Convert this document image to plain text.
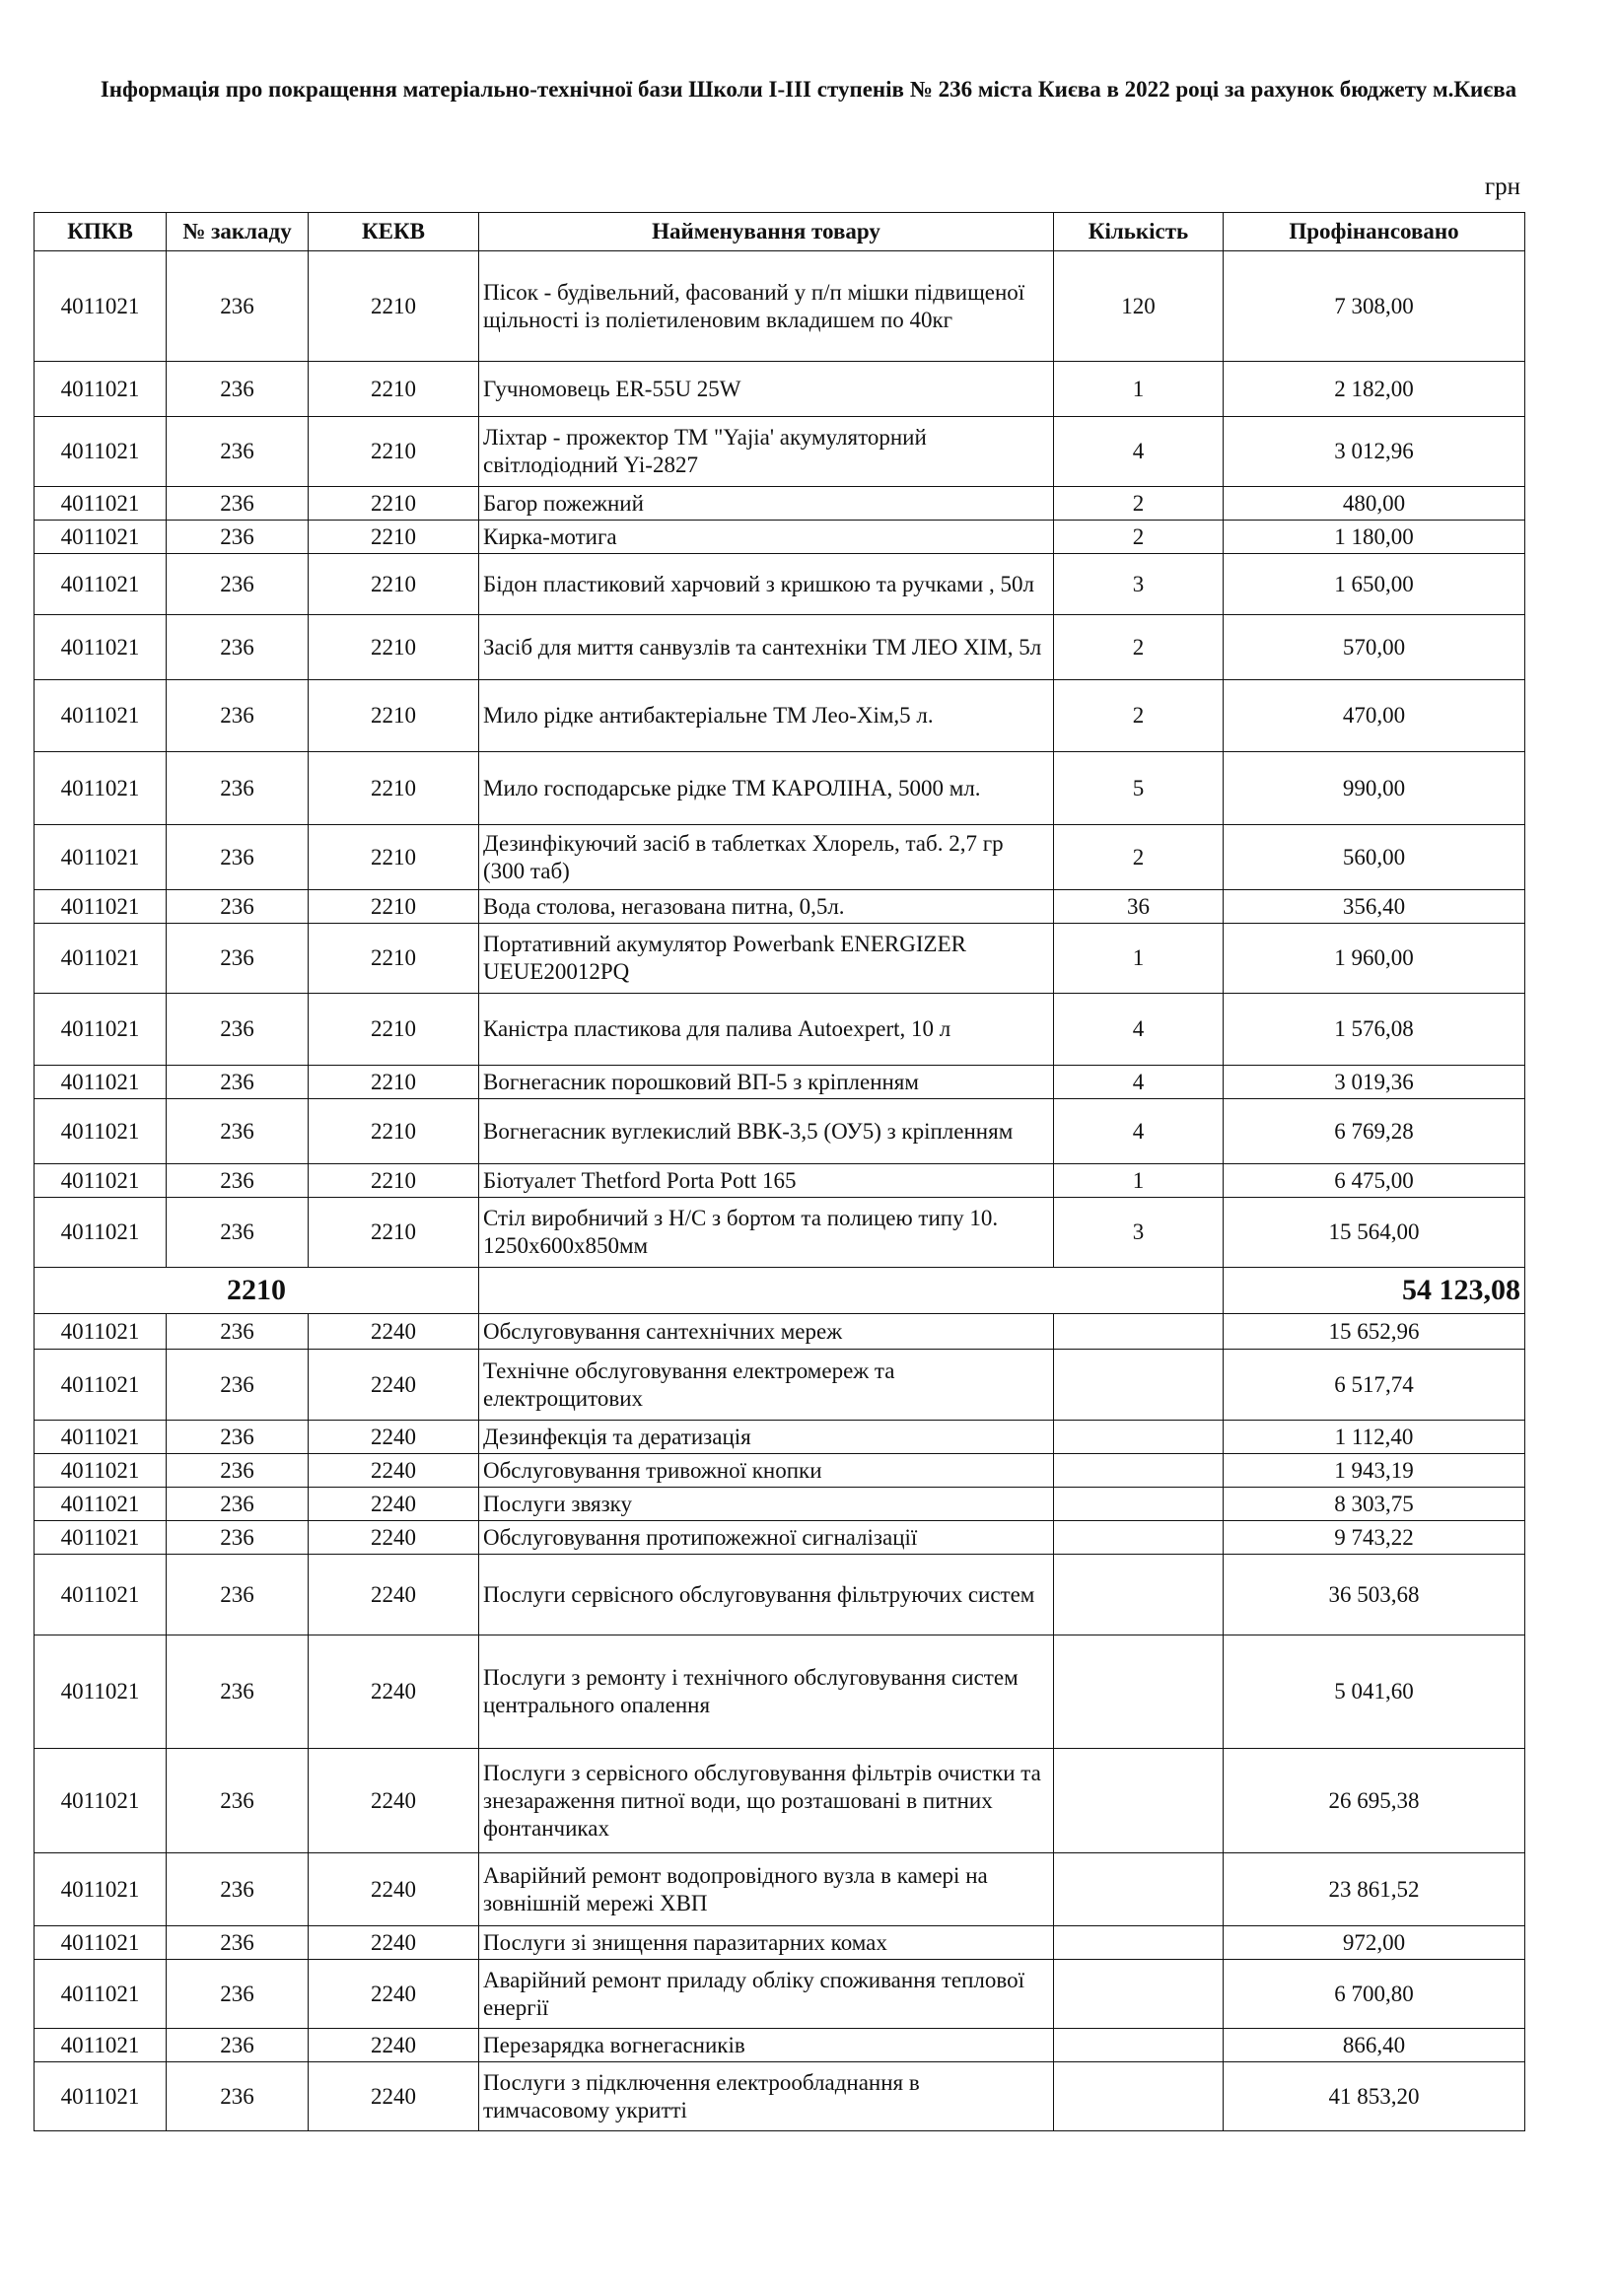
Інформація про покращення матеріально-технічної бази Школи І-ІІІ ступенів № 236 міста Києва в 2022 році за рахунок бюджету м.Києва
грн
КПКВ	№ закладу	КЕКВ	Найменування товару	Кількість	Профінансовано
4011021	236	2210	Пісок - будівельний, фасований у п/п мішки підвищеної щільності із поліетиленовим вкладишем по 40кг	120	7 308,00
4011021	236	2210	Гучномовець ER-55U 25W	1	2 182,00
4011021	236	2210	Ліхтар - прожектор ТМ "Yajia' акумуляторний світлодіодний Yi-2827	4	3 012,96
4011021	236	2210	Багор пожежний	2	480,00
4011021	236	2210	Кирка-мотига	2	1 180,00
4011021	236	2210	Бідон пластиковий харчовий з кришкою та ручками , 50л	3	1 650,00
4011021	236	2210	Засіб для миття санвузлів та сантехніки ТМ ЛЕО ХІМ, 5л	2	570,00
4011021	236	2210	Мило рідке антибактеріальне ТМ Лео-Хім,5 л.	2	470,00
4011021	236	2210	Мило господарське рідке ТМ КАРОЛІНА, 5000 мл.	5	990,00
4011021	236	2210	Дезинфікуючий засіб в таблетках Хлорель, таб. 2,7 гр (300 таб)	2	560,00
4011021	236	2210	Вода столова, негазована питна, 0,5л.	36	356,40
4011021	236	2210	Портативний акумулятор Powerbank ENERGIZER UEUE20012PQ	1	1 960,00
4011021	236	2210	Каністра пластикова для палива Autoexpert, 10 л	4	1 576,08
4011021	236	2210	Вогнегасник порошковий ВП-5 з кріпленням	4	3 019,36
4011021	236	2210	Вогнегасник вуглекислий ВВК-3,5 (ОУ5) з кріпленням	4	6 769,28
4011021	236	2210	Біотуалет Thetford Porta Pott 165	1	6 475,00
4011021	236	2210	Стіл виробничий з Н/С з бортом та полицею типу 10. 1250x600x850мм	3	15 564,00
2210					54 123,08
4011021	236	2240	Обслуговування сантехнічних мереж		15 652,96
4011021	236	2240	Технічне обслуговування електромереж та електрощитових		6 517,74
4011021	236	2240	Дезинфекція та дератизація		1 112,40
4011021	236	2240	Обслуговування тривожної кнопки		1 943,19
4011021	236	2240	Послуги звязку		8 303,75
4011021	236	2240	Обслуговування протипожежної сигналізації		9 743,22
4011021	236	2240	Послуги сервісного обслуговування фільтруючих систем		36 503,68
4011021	236	2240	Послуги з ремонту і технічного обслуговування систем центрального опалення		5 041,60
4011021	236	2240	Послуги з сервісного обслуговування фільтрів очистки та знезараження питної води, що розташовані в питних фонтанчиках		26 695,38
4011021	236	2240	Аварійний ремонт водопровідного вузла в камері на зовнішній мережі ХВП		23 861,52
4011021	236	2240	Послуги зі знищення паразитарних комах		972,00
4011021	236	2240	Аварійний ремонт приладу обліку споживання теплової енергії		6 700,80
4011021	236	2240	Перезарядка вогнегасників		866,40
4011021	236	2240	Послуги з підключення електрообладнання в тимчасовому укритті		41 853,20
